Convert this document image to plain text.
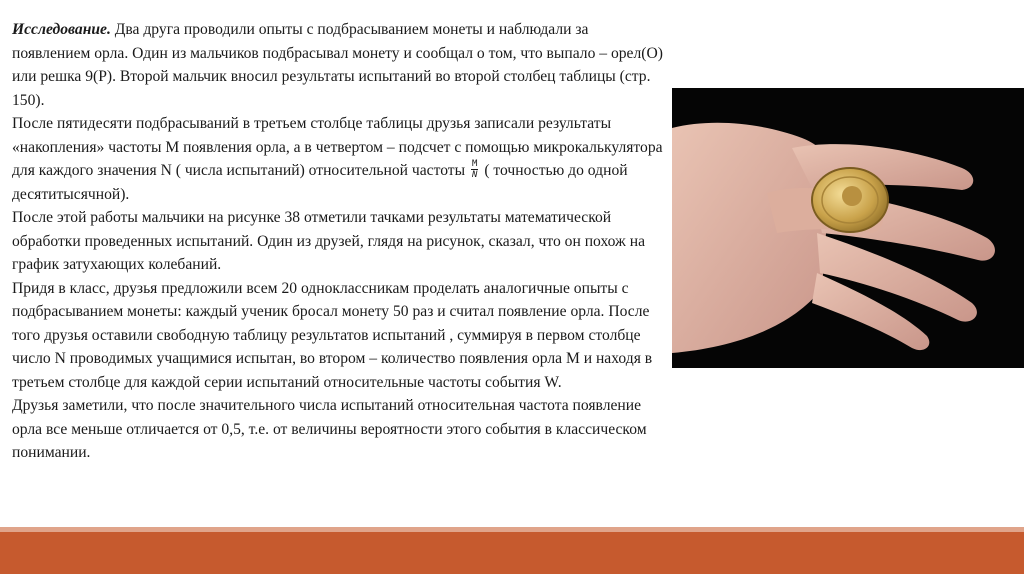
Исследование. Два друга проводили опыты с подбрасыванием монеты и наблюдали за появлением орла. Один из мальчиков подбрасывал монету и сообщал о том, что выпало – орел(О) или решка 9(Р). Второй мальчик вносил результаты испытаний во второй столбец таблицы (стр. 150).

После пятидесяти подбрасываний в третьем столбце таблицы друзья записали результаты «накопления» частоты М появления орла, а в четвертом – подсчет с помощью микрокалькулятора для каждого значения N ( числа испытаний) относительной частоты $\frac{M}{N}$ ( точностью до одной десятитысячной).

После этой работы мальчики на рисунке 38 отметили тачками результаты математической обработки проведенных испытаний. Один из друзей, глядя на рисунок, сказал, что он похож на график затухающих колебаний.

Придя в класс, друзья предложили всем 20 одноклассникам проделать аналогичные опыты с подбрасыванием монеты: каждый ученик бросал монету 50 раз и считал появление орла. После того друзья оставили свободную таблицу результатов испытаний , суммируя в первом столбце число N проводимых учащимися испытан, во втором – количество появления орла М и находя в третьем столбце для каждой серии испытаний относительные частоты события W.

Друзья заметили, что после значительного числа испытаний относительная частота появление орла все меньше отличается от 0,5, т.е. от величины вероятности этого события в классическом понимании.
